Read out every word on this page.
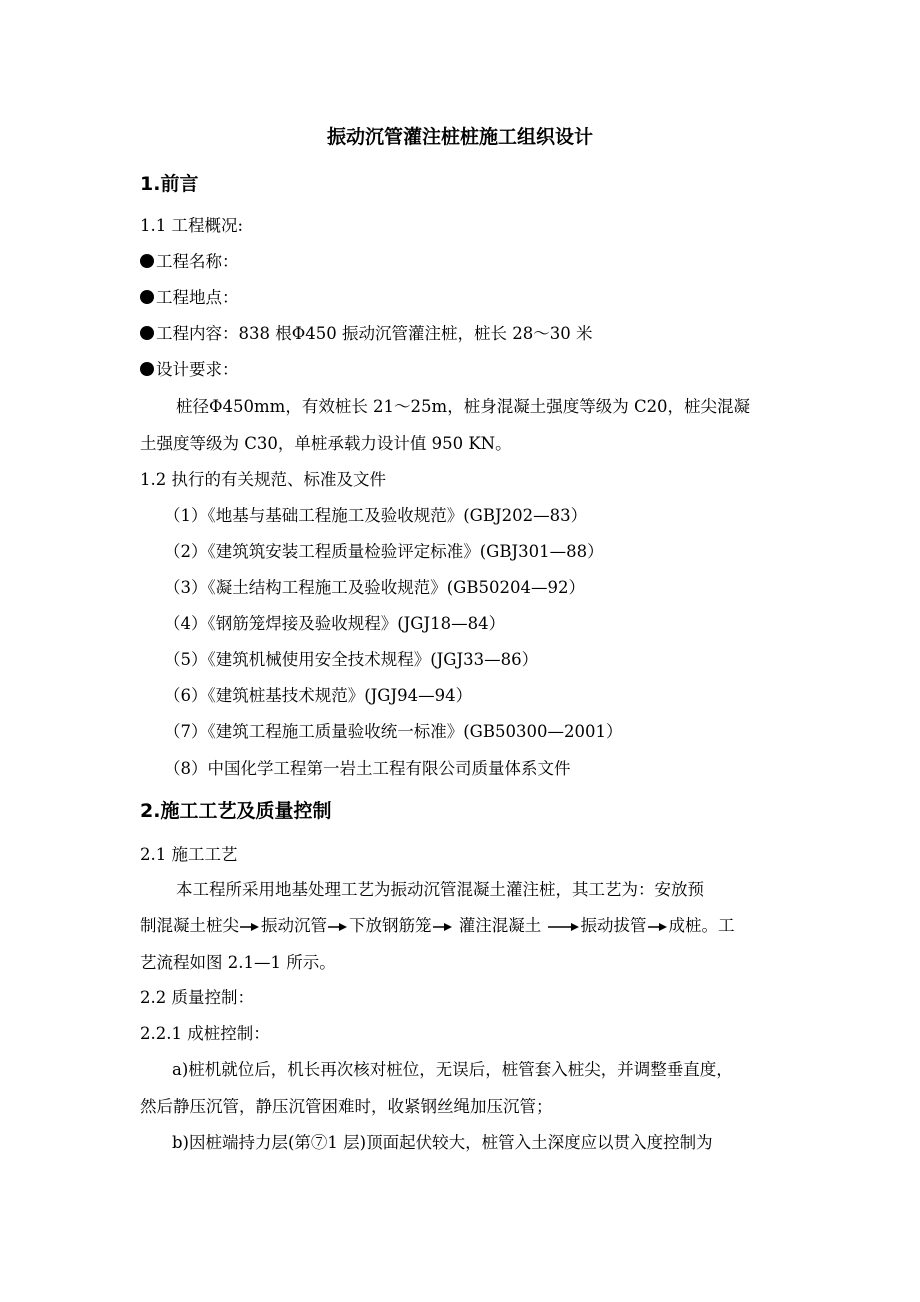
振动沉管灌注桩桩施工组织设计
1.前言
1.1 工程概况:
工程名称：
工程地点：
工程内容：838 根Φ450 振动沉管灌注桩，桩长 28～30 米
设计要求：
桩径Φ450mm，有效桩长 21～25m，桩身混凝土强度等级为 C20，桩尖混凝
土强度等级为 C30，单桩承载力设计值 950 KN。
1.2 执行的有关规范、标准及文件
（1）《地基与基础工程施工及验收规范》(GBJ202—83）
（2）《建筑筑安装工程质量检验评定标准》(GBJ301—88）
（3）《凝土结构工程施工及验收规范》(GB50204—92）
（4）《钢筋笼焊接及验收规程》(JGJ18—84）
（5）《建筑机械使用安全技术规程》(JGJ33—86）
（6）《建筑桩基技术规范》(JGJ94—94）
（7）《建筑工程施工质量验收统一标准》(GB50300—2001）
（8）中国化学工程第一岩土工程有限公司质量体系文件
2.施工工艺及质量控制
2.1 施工工艺
本工程所采用地基处理工艺为振动沉管混凝土灌注桩，其工艺为：安放预
制混凝土桩尖 振动沉管 下放钢筋笼
灌注混凝土
振动拔管 成桩。工
艺流程如图 2.1—1 所示。
2.2 质量控制：
2.2.1 成桩控制：
a)桩机就位后，机长再次核对桩位，无误后，桩管套入桩尖，并调整垂直度，
然后静压沉管，静压沉管困难时，收紧钢丝绳加压沉管；
b)因桩端持力层(第⑦1 层)顶面起伏较大，桩管入土深度应以贯入度控制为
